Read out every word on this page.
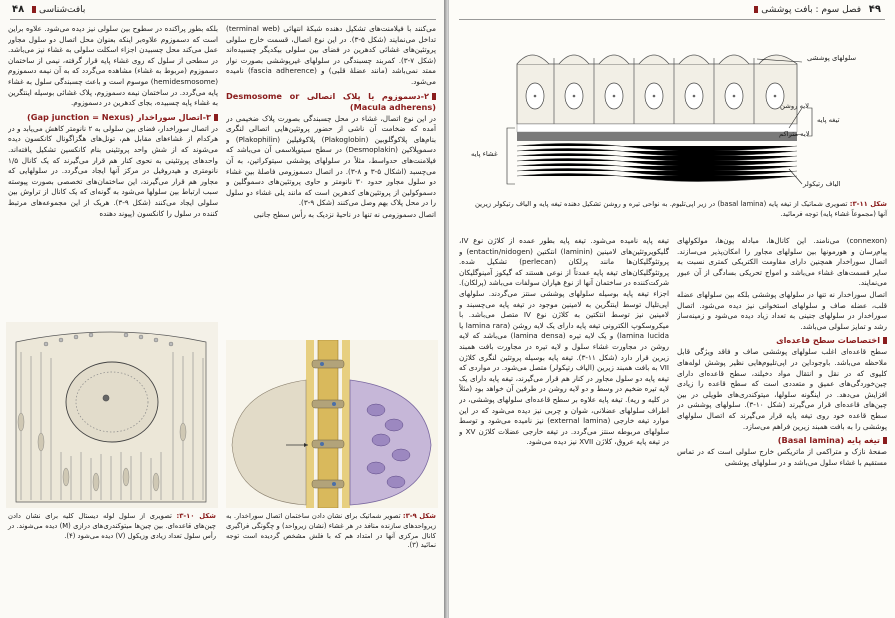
۴۸	بافت‌شناسی

می‌کنند با فیلامنت‌های تشکیل دهنده شبکهٔ انتهائی (terminal web) تداخل می‌نمایند (شکل ۵-۳). در این نوع اتصال، قسمت خارج سلولی پروتئین‌های غشائی کدهرین در فضای بین سلولی بیکدیگر چسبیده‌اند (شکل ۷-۳). کمربند چسبندگی در سلولهای غیرپوششی بصورت نوار ممتد نمی‌باشد (مانند عضلهٔ قلبی) و (fascia adherence) نامیده می‌شود.

۲-دسموزوم یا پلاک اتصالی Desmosome or (Macula adherens)

در این نوع اتصال، غشاء در محل چسبندگی بصورت پلاک ضخیمی در آمده که ضخامت آن ناشی از حضور پروتئین‌هایی اتصالی لنگری بنام‌های پلاکوگلوبین (Plakoglobin) پلاکوفیلین (Plakophilin) و دسموپلاکین (Desmoplakin) در سطح سیتوپلاسمی آن می‌باشد که فیلامنت‌های حدواسط، مثلاً در سلولهای پوششی سیتوکراتین، به آن می‌چسبد (اشکال ۵-۳ و ۸-۳). در اتصال دسموزومی فاصلهٔ بین غشاء دو سلول مجاور حدود ۳۰ نانومتر و حاوی پروتئین‌های دسموگلین و دسموکولین از پروتئین‌های کدهرین است که مانند یلی غشاء دو سلول را در محل پلاک بهم وصل می‌کنند (شکل ۹-۳).

اتصال دسموزومی نه تنها در ناحیهٔ نزدیک به رأس سطح جانبی

بلکه بطور پراکنده در سطوح بین سلولی نیز دیده می‌شود. علاوه براین است که دسموزوم علاوه‌بر اینکه بعنوان محل اتصال دو سلول مجاور عمل می‌کند محل چسبیدن اجزاء اسکلت سلولی به غشاء نیز می‌باشد. در سطحی از سلول که روی غشاء پایه قرار گرفته، نیمی از ساختمان دسموزوم (مربوط به غشاء) مشاهده می‌گردد که به آن نیمه دسموزوم (hemidesmosome) موسوم است و باعث چسبندگی سلول به غشاء پایه می‌گردد. در ساختمان نیمه دسموزوم، پلاک غشائی بوسیله اینتگرین به غشاء پایه چسبیده، بجای کدهرین در دسموزوم.

۳-اتصال سوراخدار (Gap junction = Nexus)

در اتصال سوراخدار، فضای بین سلولی به ۲ نانومتر کاهش می‌یابد و در هرکدام از غشاءهای مقابل هم، تونل‌های هگزاگونال کانکسون دیده می‌شوند که از شش واحد پروتئینی بنام کانکسین تشکیل یافته‌اند. واحدهای پروتئینی به نحوی کنار هم قرار می‌گیرند که یک کانال ۱/۵ نانومتری و هیدروفیل در مرکز آنها ایجاد می‌گردد. در سلولهایی که مجاور هم قرار می‌گیرند، این ساختمان‌های تخصصی بصورت پیوسته سبب ارتباط بین سلولها می‌شود به گونه‌ای که یک کانال از تراوش بین سلولی ایجاد می‌کنند (شکل ۹-۳). هریک از این مجموعه‌های مرتبط کننده در سلول را کانکسون (پیوند دهنده

شکل ۱۰-۳: تصویری از سلول لوله دیستال کلیه برای نشان دادن چین‌های قاعده‌ای. بین چین‌ها میتوکندری‌های درازی (M) دیده می‌شوند. در رأس سلول تعداد زیادی وزیکول (V) دیده می‌شود (۴).
شکل ۹-۳: تصویر شماتیک برای نشان دادن ساختمان اتصال سوراخدار. به زیرواحدهای سازنده منافذ در هر غشاء (نشان زیرواحد) و چگونگی فراگیری کانال مرکزی آنها در امتداد هم که با فلش مشخص گردیده است توجه نمائید (۳).
فصل سوم : بافت پوششی ۴۹
سلولهای پوششی
لایه روشن
لایه متراکم
تیغه پایه
غشاء پایه
الیاف رتیکولر
شکل ۱۱-۳: تصویری شماتیک از تیغه پایه (basal lamina) در زیر اپی‌تلیوم. به نواحی تیره و روشن تشکیل دهنده تیغه پایه و الیاف رتیکولر زیرین آنها (مجموعاً غشاء پایه) توجه فرمائید.

(connexon) می‌نامند. این کانال‌ها، مبادله یون‌ها، مولکولهای پیام‌رسان و هورمونها بین سلولهای مجاور را امکان‌پذیر می‌سازند. اتصال سوراخدار همچنین دارای مقاومت الکتریکی کمتری نسبت به سایر قسمت‌های غشاء می‌باشد و امواج تحریکی بسادگی از آن عبور می‌نمایند.

اتصال سوراخدار نه تنها در سلولهای پوششی بلکه بین سلولهای عضله قلب، عضله صاف و سلولهای استخوانی نیز دیده می‌شود. اتصال سوراخدار در سلولهای جنینی به تعداد زیاد دیده می‌شود و زمینه‌ساز رشد و تمایز سلولی می‌باشد.

اختصاصات سطح قاعده‌ای

سطح قاعده‌ای اغلب سلولهای پوششی صاف و فاقد ویژگی قابل ملاحظه می‌باشد. باوجوداین در اپی‌تلیوم‌هایی نظیر پوشش لوله‌های کلیوی که در نقل و انتقال مواد دخیلند، سطح قاعده‌ای دارای چین‌خوردگی‌های عمیق و متعددی است که سطح قاعده را زیادی افزایش می‌دهد. در اینگونه سلولها، میتوکندری‌های طویلی در بین چین‌های قاعده‌ای قرار می‌گیرند (شکل ۱۰-۳). سلولهای پوششی در سطح قاعده خود روی تیغه پایه قرار می‌گیرند که اتصال سلولهای پوششی را به بافت همبند زیرین فراهم می‌سازد.

تیغه پایه (Basal lamina)

صفحهٔ نازک و متراکمی از ماتریکس خارج سلولی است که در تماس مستقیم با غشاء سلول می‌باشد و در سلولهای پوششی

تیغه پایه نامیده می‌شود. تیغه پایه بطور عمده از کلاژن نوع IV، گلیکوپروتئین‌های لامینین (laminin) انتکتین (entactin/nidogen) و پروتئوگلیکان‌ها مانند پرلکان (perlecan) تشکیل شده. پروتئوگلیکان‌های تیغه پایه عمدتاً از نوعی هستند که گیکوز آمینوگلیکان شرکت‌کننده در ساختمان آنها از نوع هپاران سولفات می‌باشد (پرلکان). اجزاء تیغه پایه بوسیله سلولهای پوششی سنتز می‌گردند. سلولهای اپی‌تلیال توسط اینتگرین به لامینین موجود در تیغه پایه می‌چسبند و لامینین نیز توسط انتکتین به کلاژن نوع IV متصل می‌باشد. با میکروسکوپ الکترونی تیغه پایه دارای یک لایه روشن (lamina rara یا lamina lucida) و یک لایه تیره (lamina densa) می‌باشد که لایه روشن در مجاورت غشاء سلول و لایه تیره در مجاورت بافت همبند زیرین قرار دارد (شکل ۱۱-۳). تیغه پایه بوسیله پروتئین لنگری کلاژن VII به بافت همبند زیرین (الیاف رتیکولر) متصل می‌شود. در مواردی که تیغه پایه دو سلول مجاور در کنار هم قرار می‌گیرند، تیغه پایه دارای یک لایه تیره ضخیم در وسط و دو لایه روشن در طرفین آن خواهد بود (مثلاً در کلیه و ریه). تیغه پایه علاوه بر سطح قاعده‌ای سلولهای پوششی، در اطراف سلولهای عضلانی، شوان و چربی نیز دیده می‌شود که در این موارد تیغه خارجی (external lamina) نیز نامیده می‌شود و توسط سلولهای مربوطه سنتز می‌گردد. در تیغه خارجی عضلات کلاژن XV و در تیغه پایه عروق، کلاژن XVII نیز دیده می‌شود.
